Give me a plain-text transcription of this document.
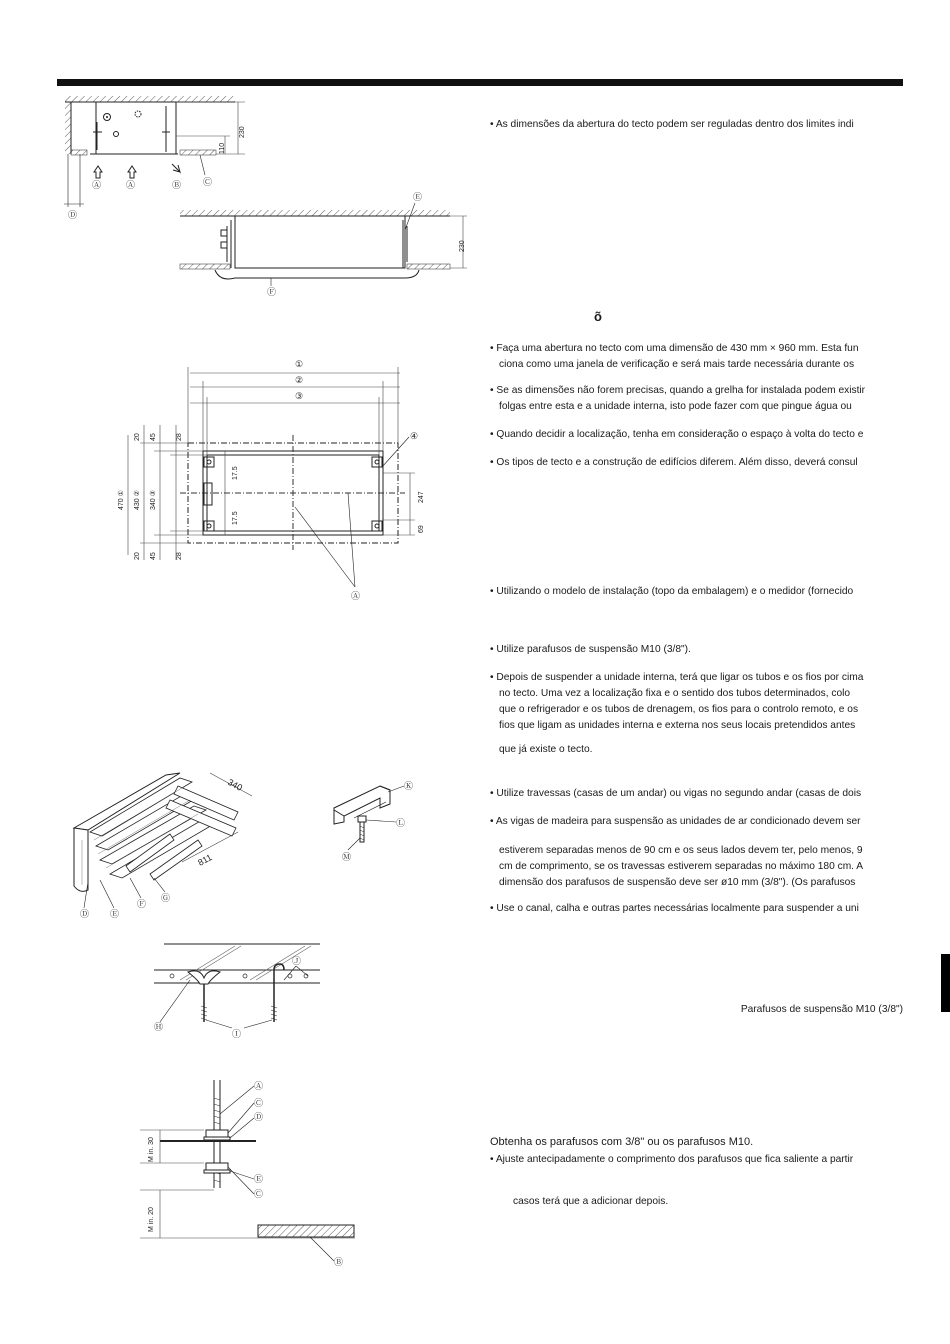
P
õ
• As dimensões da abertura do tecto podem ser reguladas dentro dos limites indi
• Faça uma abertura no tecto com uma dimensão de 430 mm × 960 mm. Esta fun
ciona como uma janela de verificação e será mais tarde necessária durante os
• Se as dimensões não forem precisas, quando a grelha for instalada podem existir
folgas entre esta e a unidade interna, isto pode fazer com que pingue água ou
• Quando decidir a localização, tenha em consideração o espaço à volta do tecto e
• Os tipos de tecto e a construção de edifícios diferem. Além disso, deverá consul
• Utilizando o modelo de instalação (topo da embalagem) e o medidor (fornecido
• Utilize parafusos de suspensão M10 (3/8").
• Depois de suspender a unidade interna, terá que ligar os tubos e os fios por cima
no tecto. Uma vez a localização fixa e o sentido dos tubos determinados, colo
que o refrigerador e os tubos de drenagem, os fios para o controlo remoto, e os
fios que ligam as unidades interna e externa nos seus locais pretendidos antes
que já existe o tecto.
• Utilize travessas (casas de um andar) ou vigas no segundo andar (casas de dois
• As vigas de madeira para suspensão as unidades de ar condicionado devem ser
estiverem separadas menos de 90 cm e os seus lados devem ter, pelo menos, 9
cm de comprimento, se os travessas estiverem separadas no máximo 180 cm. A
dimensão dos parafusos de suspensão deve ser ø10 mm (3/8"). (Os parafusos
• Use o canal, calha e outras partes necessárias localmente para suspender a uni
Parafusos de suspensão M10 (3/8")
Obtenha os parafusos com 3/8" ou os parafusos M10.
• Ajuste antecipadamente o comprimento dos parafusos que fica saliente a partir
casos terá que a adicionar depois.
110
230
Ⓐ	Ⓐ	Ⓑ Ⓒ
Ⓓ
230
Ⓔ
Ⓕ
①
②
③
④
20 45	28
470 ① 430 ② 340 ③
20 45	28
17.5
17.5
247
69
Ⓐ
340
811
Ⓓ Ⓔ
Ⓕ
Ⓖ
Ⓚ
Ⓛ
Ⓜ
Ⓙ
Ⓗ
Ⓘ
M in. 30
M in. 20
Ⓐ
Ⓒ
Ⓓ
Ⓔ
Ⓒ
Ⓑ
